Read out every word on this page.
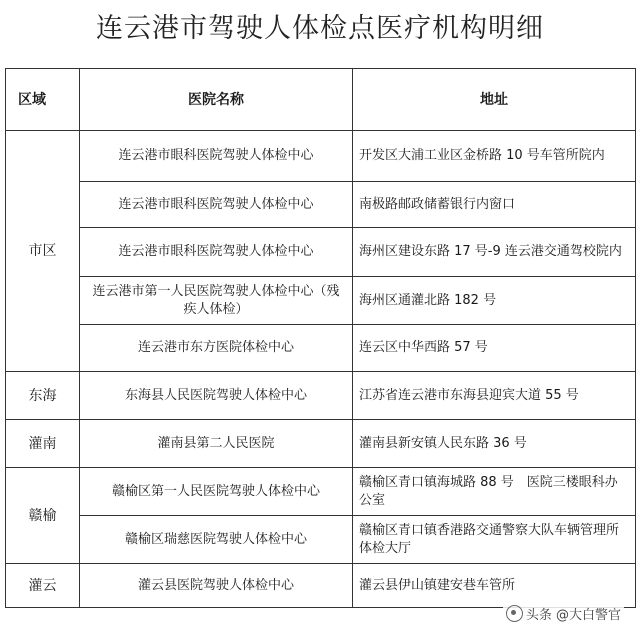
连云港市驾驶人体检点医疗机构明细
区域	医院名称	地址
市区	连云港市眼科医院驾驶人体检中心	开发区大浦工业区金桥路 10 号车管所院内
	连云港市眼科医院驾驶人体检中心	南极路邮政储蓄银行内窗口
	连云港市眼科医院驾驶人体检中心	海州区建设东路 17 号-9 连云港交通驾校院内
	连云港市第一人民医院驾驶人体检中心（残疾人体检）	海州区通灌北路 182 号
	连云港市东方医院体检中心	连云区中华西路 57 号
东海	东海县人民医院驾驶人体检中心	江苏省连云港市东海县迎宾大道 55 号
灌南	灌南县第二人民医院	灌南县新安镇人民东路 36 号
赣榆	赣榆区第一人民医院驾驶人体检中心	赣榆区青口镇海城路 88 号　医院三楼眼科办公室
	赣榆区瑞慈医院驾驶人体检中心	赣榆区青口镇香港路交通警察大队车辆管理所体检大厅
灌云	灌云县医院驾驶人体检中心	灌云县伊山镇建安巷车管所
头条 @大白警官
